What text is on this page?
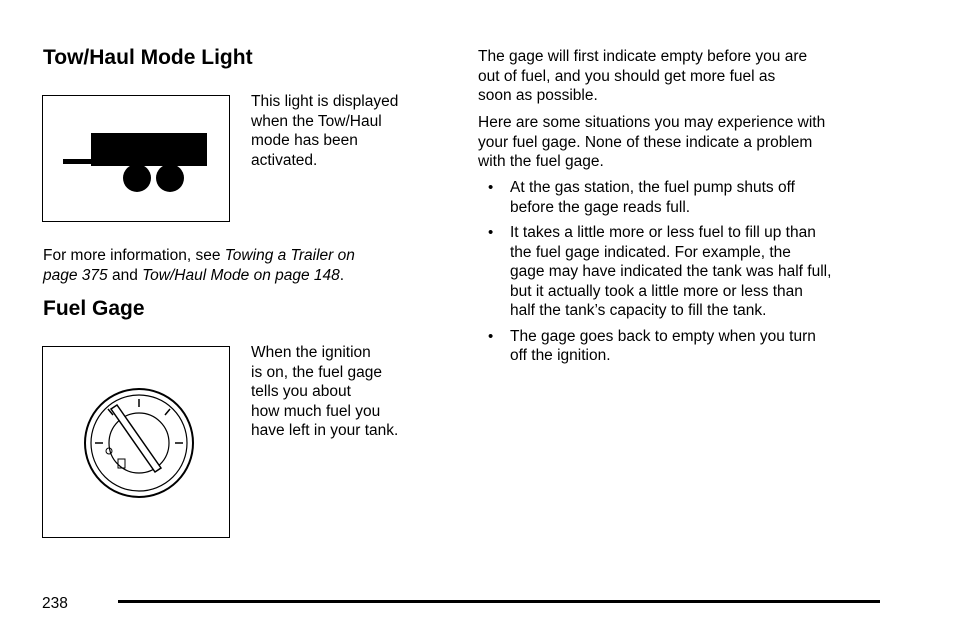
Tow/Haul Mode Light
This light is displayed
when the Tow/Haul
mode has been
activated.
For more information, see Towing a Trailer on
page 375 and Tow/Haul Mode on page 148.
Fuel Gage
When the ignition
is on, the fuel gage
tells you about
how much fuel you
have left in your tank.
The gage will first indicate empty before you are
out of fuel, and you should get more fuel as
soon as possible.
Here are some situations you may experience with
your fuel gage. None of these indicate a problem
with the fuel gage.
• At the gas station, the fuel pump shuts off
before the gage reads full.
• It takes a little more or less fuel to fill up than
the fuel gage indicated. For example, the
gage may have indicated the tank was half full,
but it actually took a little more or less than
half the tank’s capacity to fill the tank.
• The gage goes back to empty when you turn
off the ignition.
238
